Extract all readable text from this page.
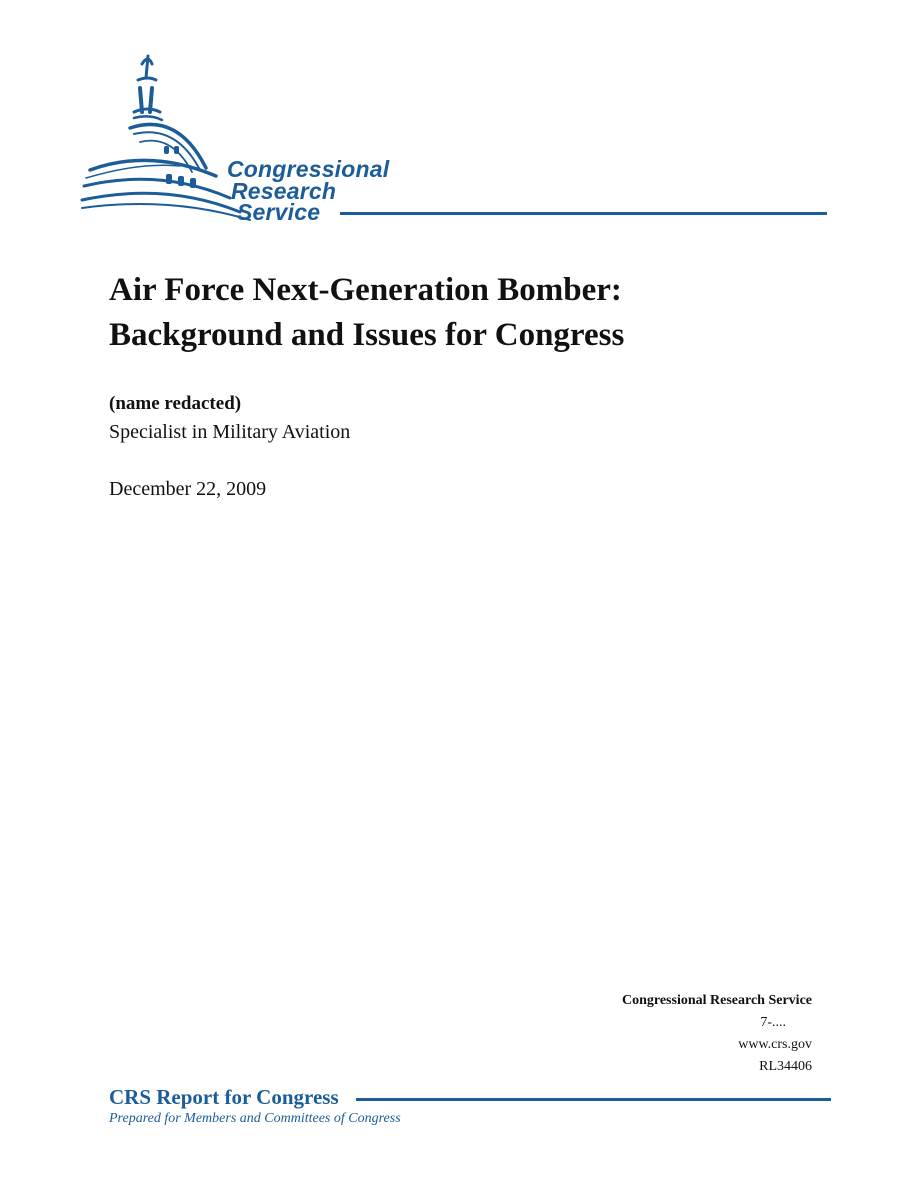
Congressional
Research
Service
Air Force Next-Generation Bomber:
Background and Issues for Congress
(name redacted)
Specialist in Military Aviation
December 22, 2009
Congressional Research Service
7-....
www.crs.gov
RL34406
CRS Report for Congress
Prepared for Members and Committees of Congress
